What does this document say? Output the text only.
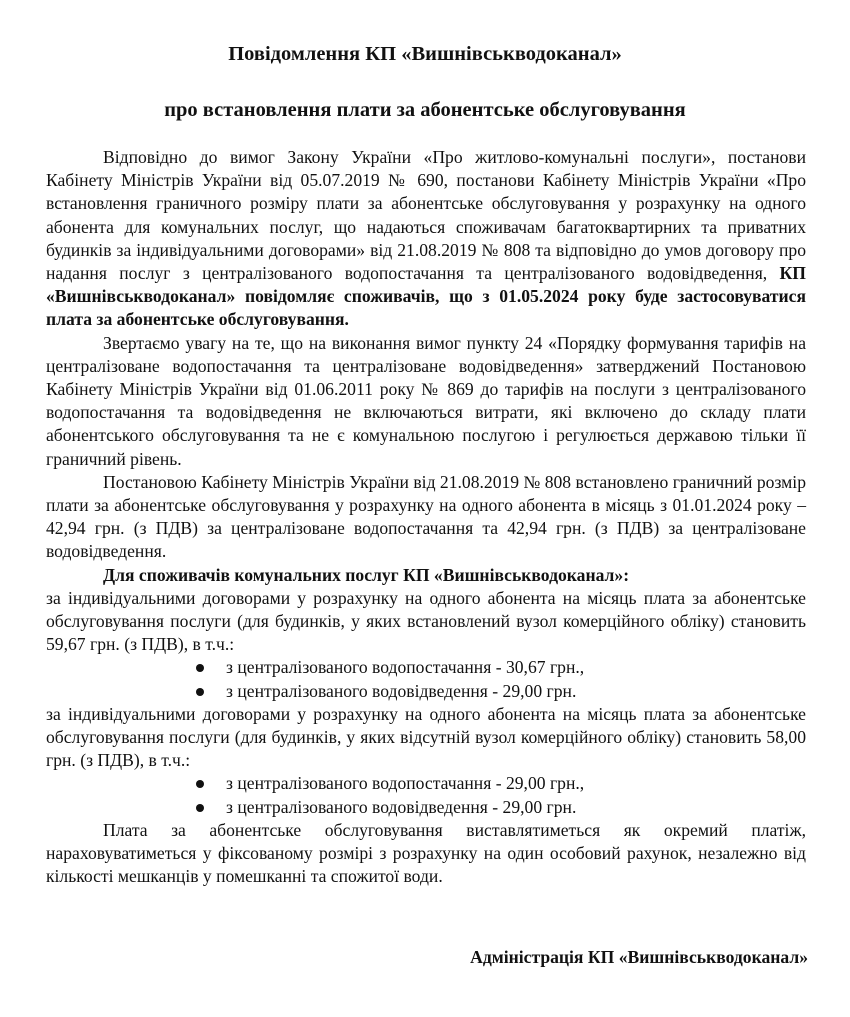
Повідомлення КП «Вишнівськводоканал»
про встановлення плати за абонентське обслуговування

Відповідно до вимог Закону України «Про житлово-комунальні послуги», постанови Кабінету Міністрів України від 05.07.2019 № 690, постанови Кабінету Міністрів України «Про встановлення граничного розміру плати за абонентське обслуговування у розрахунку на одного абонента для комунальних послуг, що надаються споживачам багатоквартирних та приватних будинків за індивідуальними договорами» від 21.08.2019 № 808 та відповідно до умов договору про надання послуг з централізованого водопостачання та централізованого водовідведення, КП «Вишнівськводоканал» повідомляє споживачів, що з 01.05.2024 року буде застосовуватися плата за абонентське обслуговування.

Звертаємо увагу на те, що на виконання вимог пункту 24 «Порядку формування тарифів на централізоване водопостачання та централізоване водовідведення» затверджений Постановою Кабінету Міністрів України від 01.06.2011 року № 869 до тарифів на послуги з централізованого водопостачання та водовідведення не включаються витрати, які включено до складу плати абонентського обслуговування та не є комунальною послугою і регулюється державою тільки її граничний рівень.

Постановою Кабінету Міністрів України від 21.08.2019 № 808 встановлено граничний розмір плати за абонентське обслуговування у розрахунку на одного абонента в місяць з 01.01.2024 року – 42,94 грн. (з ПДВ) за централізоване водопостачання та 42,94 грн. (з ПДВ) за централізоване водовідведення.

Для споживачів комунальних послуг КП «Вишнівськводоканал»:

за індивідуальними договорами у розрахунку на одного абонента на місяць плата за абонентське обслуговування послуги (для будинків, у яких встановлений вузол комерційного обліку) становить 59,67 грн. (з ПДВ), в т.ч.:

з централізованого водопостачання - 30,67 грн.,
з централізованого водовідведення - 29,00 грн.

за індивідуальними договорами у розрахунку на одного абонента на місяць плата за абонентське обслуговування послуги (для будинків, у яких відсутній вузол комерційного обліку) становить 58,00 грн. (з ПДВ), в т.ч.:

з централізованого водопостачання - 29,00 грн.,
з централізованого водовідведення - 29,00 грн.

Плата за абонентське обслуговування виставлятиметься як окремий платіж, нараховуватиметься у фіксованому розмірі з розрахунку на один особовий рахунок, незалежно від кількості мешканців у помешканні та спожитої води.

Адміністрація КП «Вишнівськводоканал»
